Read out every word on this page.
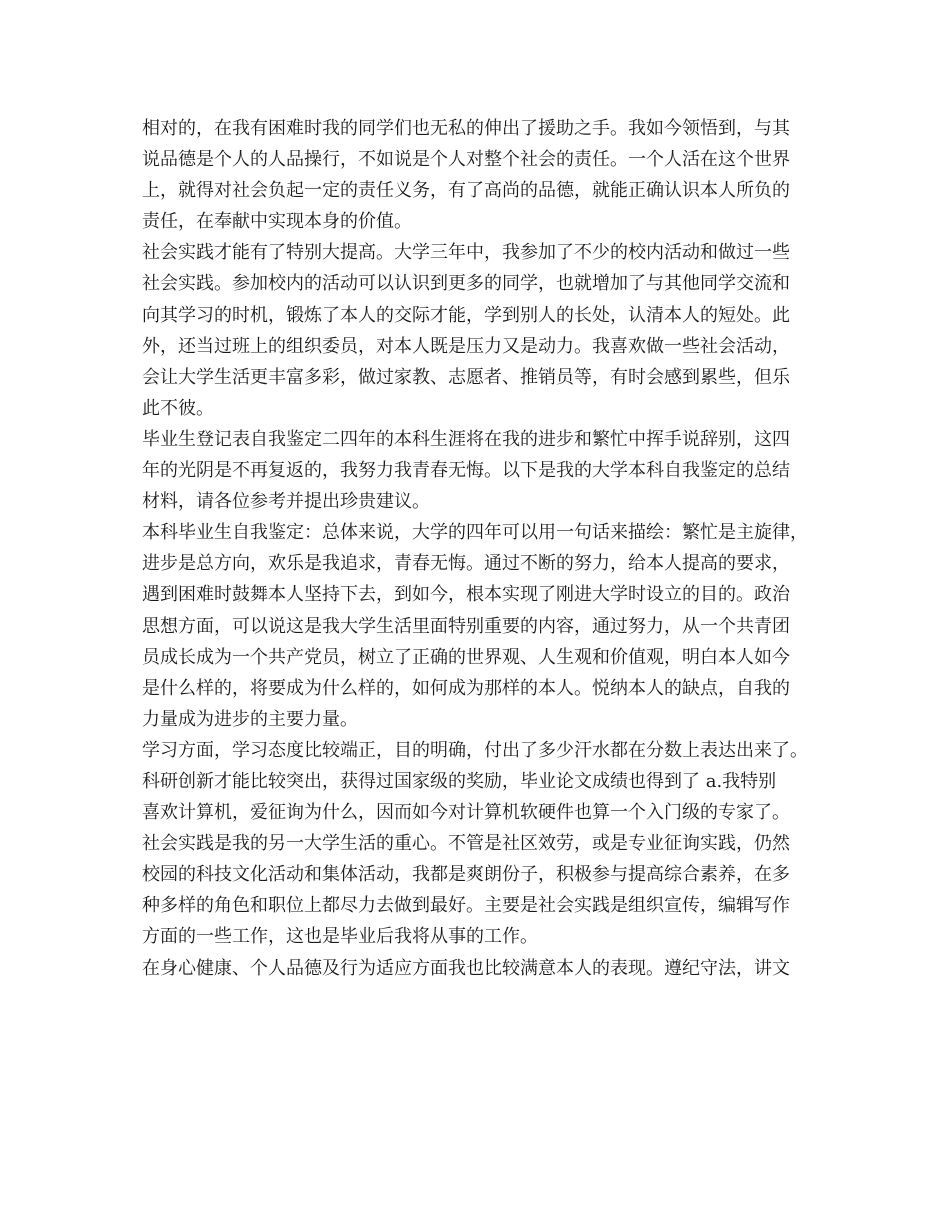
相对的，在我有困难时我的同学们也无私的伸出了援助之手。我如今领悟到，与其
说品德是个人的人品操行，不如说是个人对整个社会的责任。一个人活在这个世界
上，就得对社会负起一定的责任义务，有了高尚的品德，就能正确认识本人所负的
责任，在奉献中实现本身的价值。
社会实践才能有了特别大提高。大学三年中，我参加了不少的校内活动和做过一些
社会实践。参加校内的活动可以认识到更多的同学，也就增加了与其他同学交流和
向其学习的时机，锻炼了本人的交际才能，学到别人的长处，认清本人的短处。此
外，还当过班上的组织委员，对本人既是压力又是动力。我喜欢做一些社会活动，
会让大学生活更丰富多彩，做过家教、志愿者、推销员等，有时会感到累些，但乐
此不彼。
毕业生登记表自我鉴定二四年的本科生涯将在我的进步和繁忙中挥手说辞别，这四
年的光阴是不再复返的，我努力我青春无悔。以下是我的大学本科自我鉴定的总结
材料，请各位参考并提出珍贵建议。
本科毕业生自我鉴定：总体来说，大学的四年可以用一句话来描绘：繁忙是主旋律，
进步是总方向，欢乐是我追求，青春无悔。通过不断的努力，给本人提高的要求，
遇到困难时鼓舞本人坚持下去，到如今，根本实现了刚进大学时设立的目的。政治
思想方面，可以说这是我大学生活里面特别重要的内容，通过努力，从一个共青团
员成长成为一个共产党员，树立了正确的世界观、人生观和价值观，明白本人如今
是什么样的，将要成为什么样的，如何成为那样的本人。悦纳本人的缺点，自我的
力量成为进步的主要力量。
学习方面，学习态度比较端正，目的明确，付出了多少汗水都在分数上表达出来了。
科研创新才能比较突出，获得过国家级的奖励，毕业论文成绩也得到了 a.我特别
喜欢计算机，爱征询为什么，因而如今对计算机软硬件也算一个入门级的专家了。
社会实践是我的另一大学生活的重心。不管是社区效劳，或是专业征询实践，仍然
校园的科技文化活动和集体活动，我都是爽朗份子，积极参与提高综合素养，在多
种多样的角色和职位上都尽力去做到最好。主要是社会实践是组织宣传，编辑写作
方面的一些工作，这也是毕业后我将从事的工作。
在身心健康、个人品德及行为适应方面我也比较满意本人的表现。遵纪守法，讲文
